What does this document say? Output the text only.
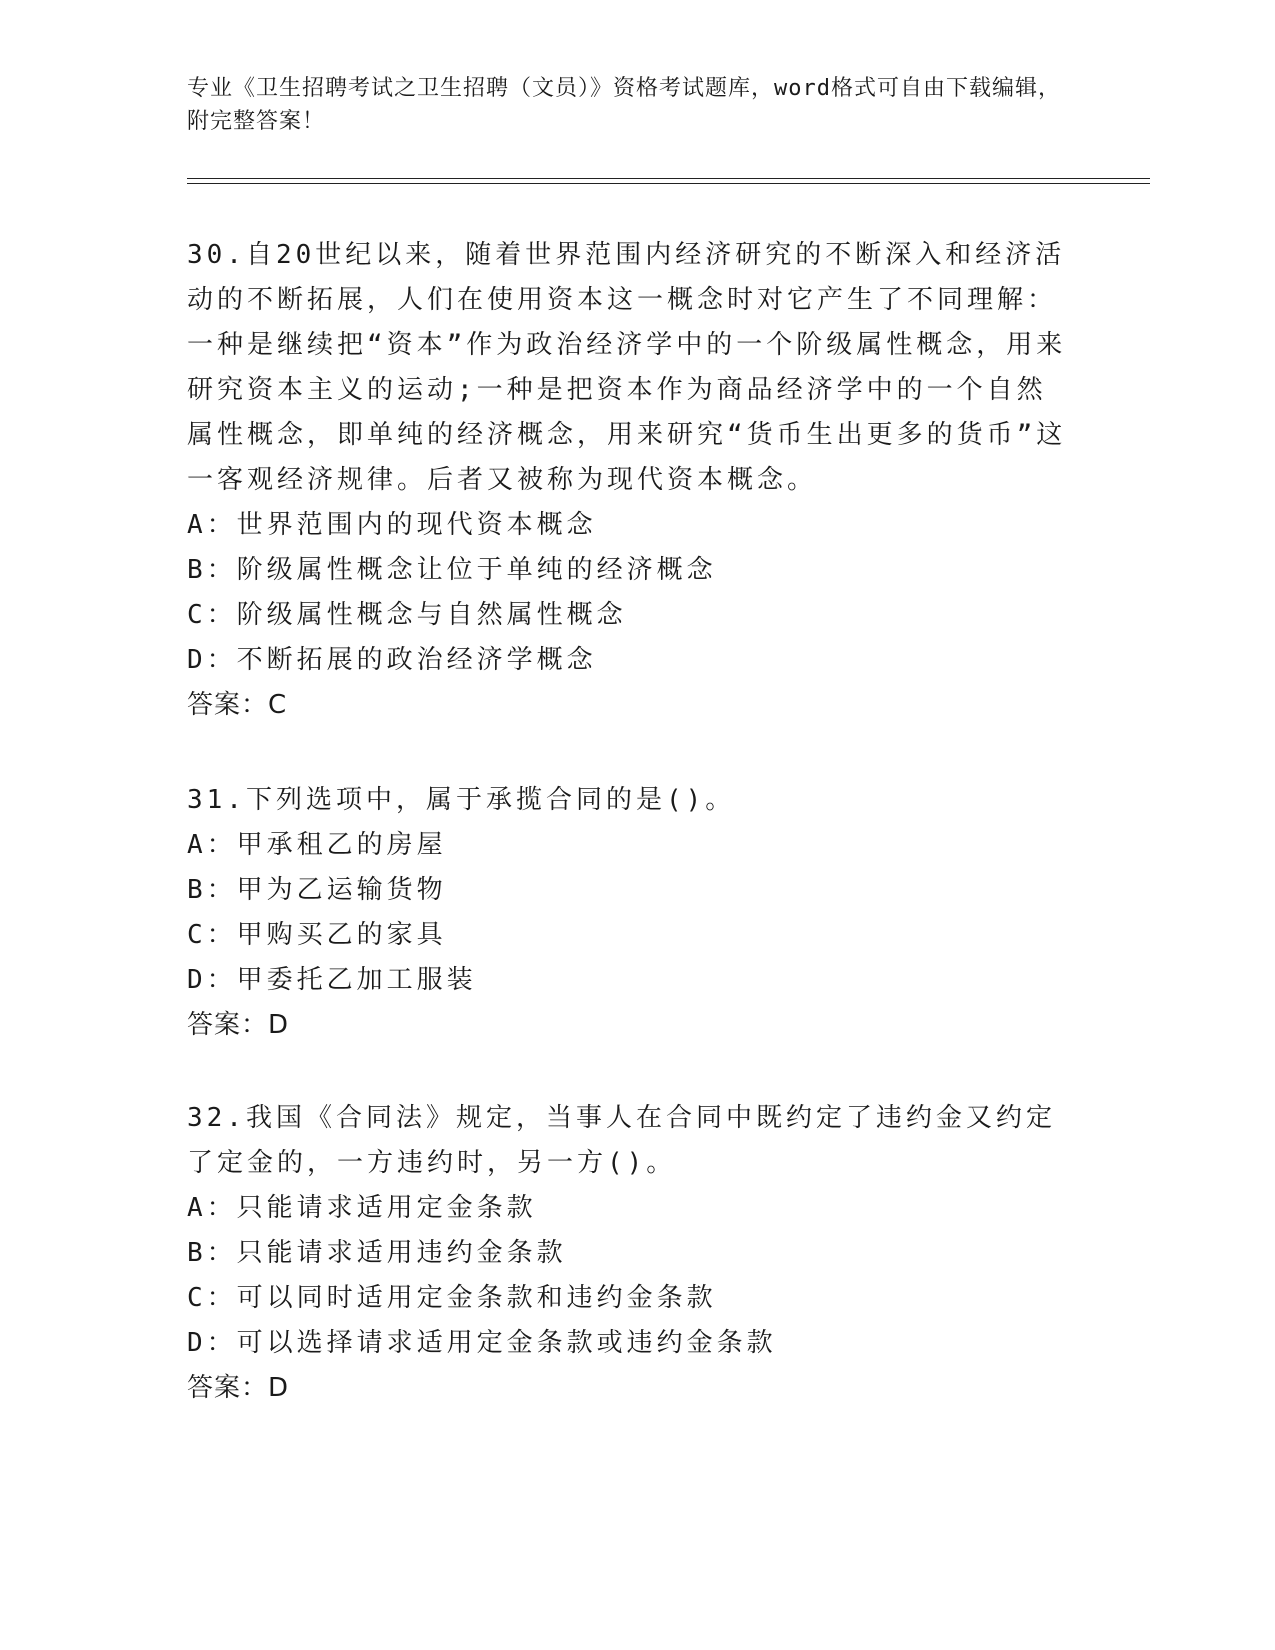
专业《卫生招聘考试之卫生招聘（文员）》资格考试题库，word格式可自由下载编辑，附完整答案！

30.自20世纪以来，随着世界范围内经济研究的不断深入和经济活动的不断拓展，人们在使用资本这一概念时对它产生了不同理解：一种是继续把“资本”作为政治经济学中的一个阶级属性概念，用来研究资本主义的运动;一种是把资本作为商品经济学中的一个自然属性概念，即单纯的经济概念，用来研究“货币生出更多的货币”这一客观经济规律。后者又被称为现代资本概念。

A：世界范围内的现代资本概念

B：阶级属性概念让位于单纯的经济概念

C：阶级属性概念与自然属性概念

D：不断拓展的政治经济学概念

答案：C

31.下列选项中，属于承揽合同的是()。

A：甲承租乙的房屋

B：甲为乙运输货物

C：甲购买乙的家具

D：甲委托乙加工服装

答案：D

32.我国《合同法》规定，当事人在合同中既约定了违约金又约定了定金的，一方违约时，另一方()。

A：只能请求适用定金条款

B：只能请求适用违约金条款

C：可以同时适用定金条款和违约金条款

D：可以选择请求适用定金条款或违约金条款

答案：D
